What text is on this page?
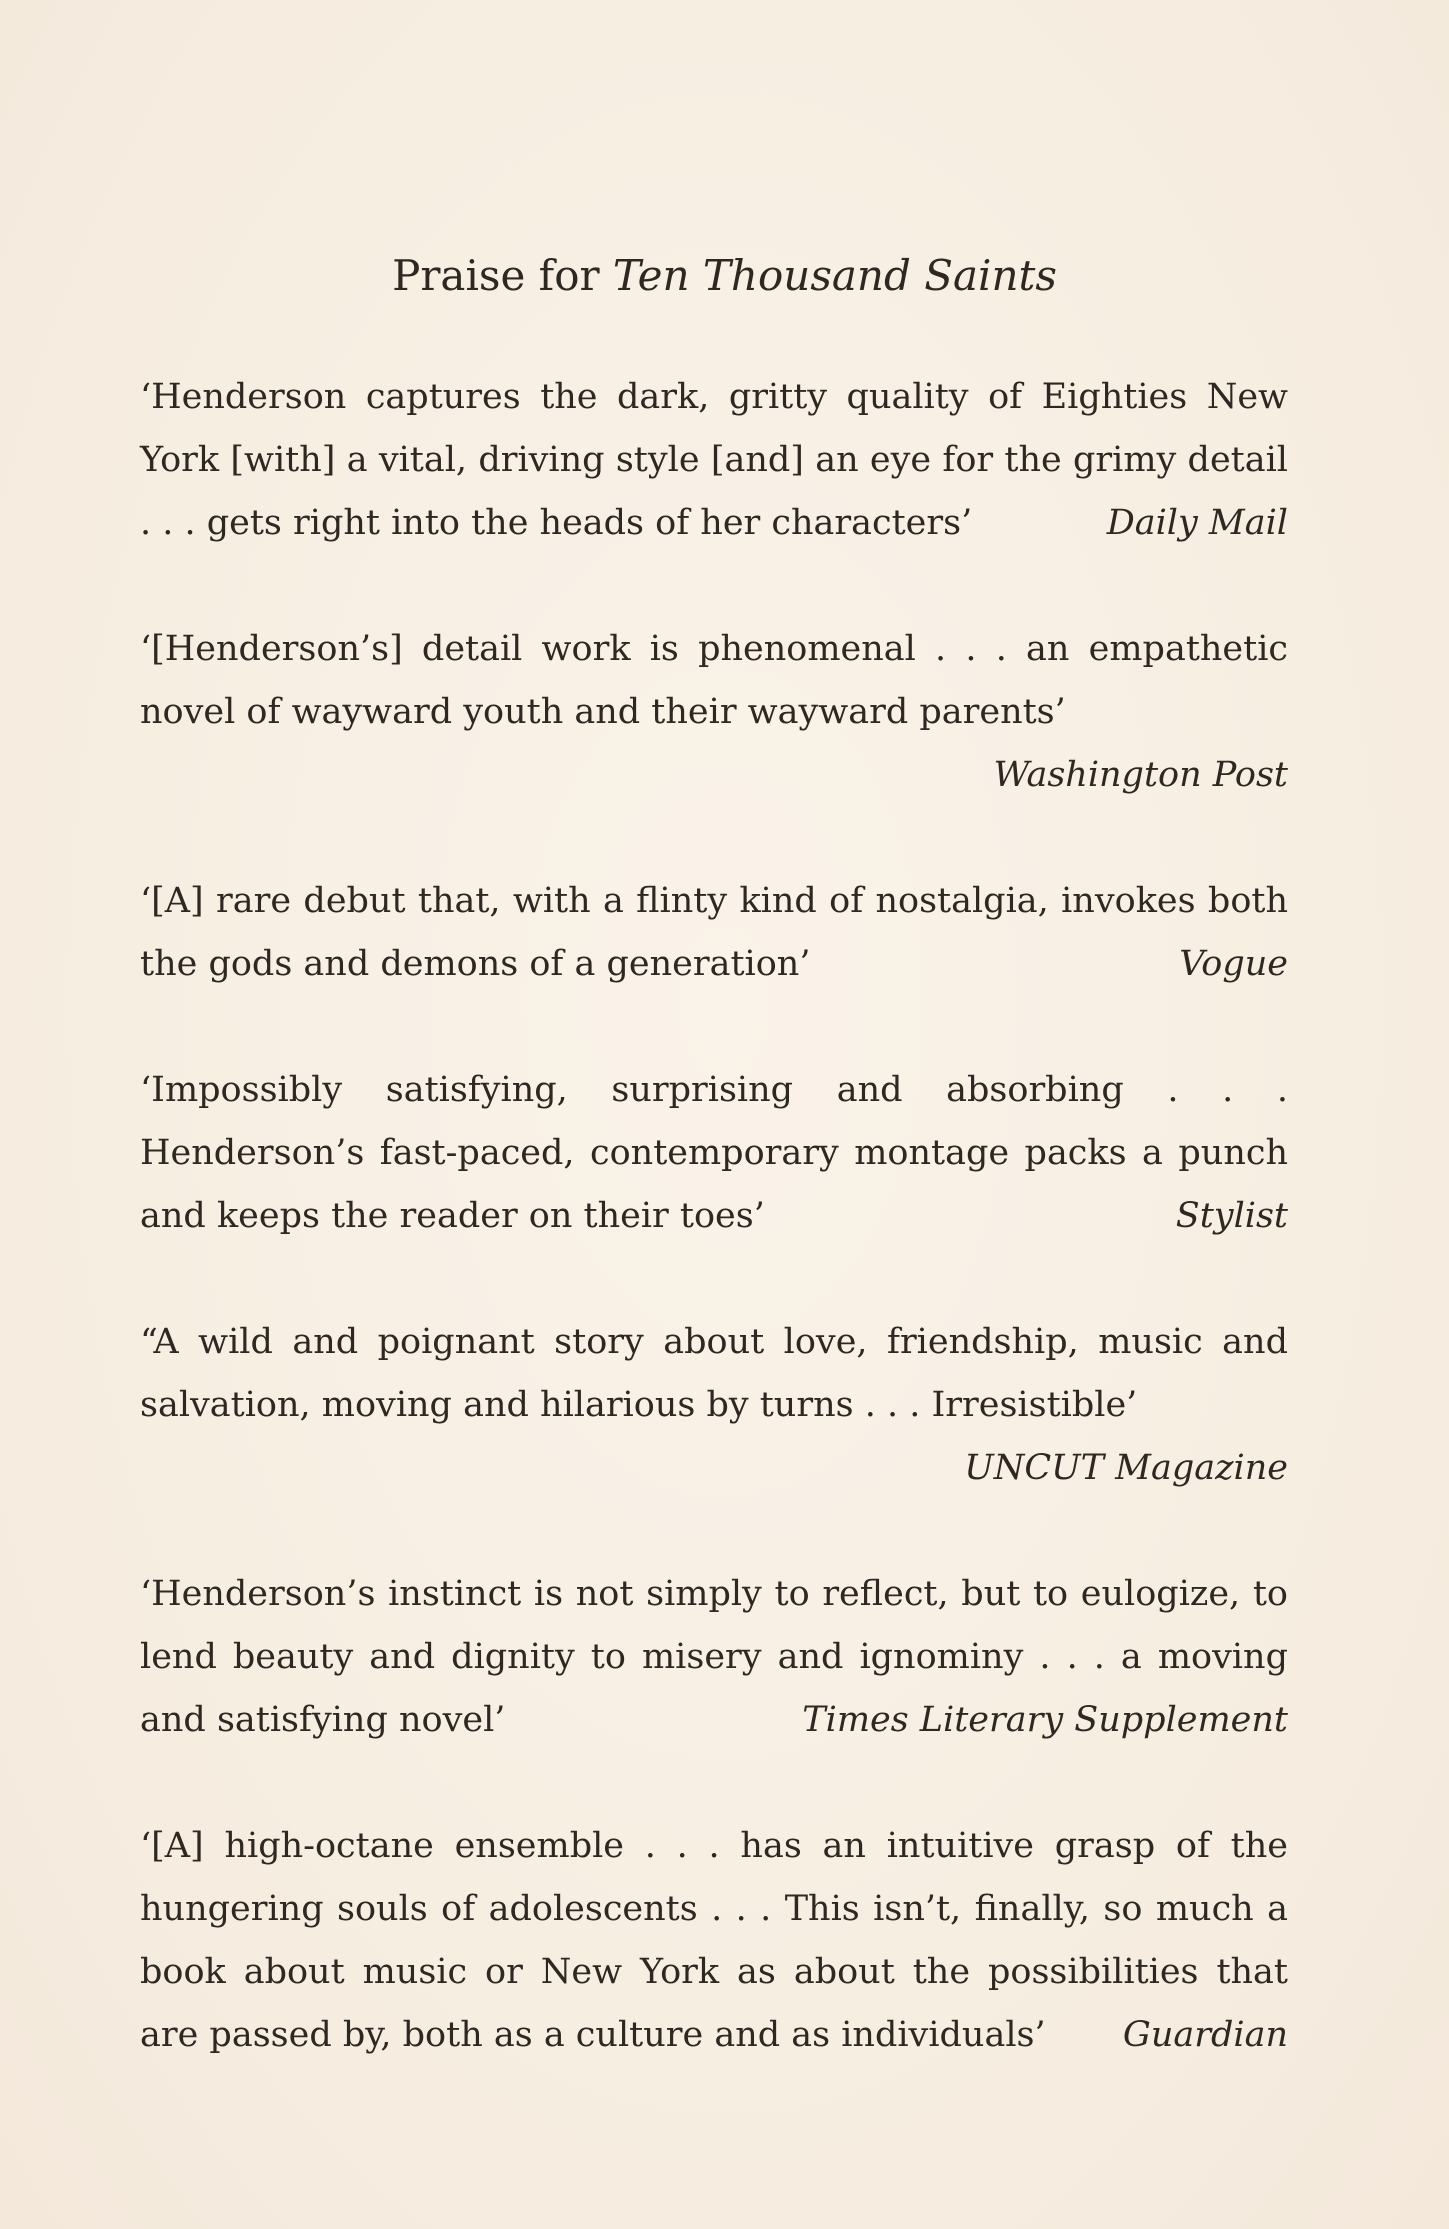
Praise for Ten Thousand Saints
‘Henderson captures the dark, gritty quality of Eighties New York [with] a vital, driving style [and] an eye for the grimy detail . . . gets right into the heads of her characters’	Daily Mail
‘[Henderson’s] detail work is phenomenal . . . an empathetic novel of wayward youth and their wayward parents’
Washington Post
‘[A] rare debut that, with a flinty kind of nostalgia, invokes both the gods and demons of a generation’	Vogue
‘Impossibly satisfying, surprising and absorbing . . . Henderson’s fast-paced, contemporary montage packs a punch and keeps the reader on their toes’	Stylist
“A wild and poignant story about love, friendship, music and salvation, moving and hilarious by turns . . . Irresistible’
UNCUT Magazine
‘Henderson’s instinct is not simply to reflect, but to eulogize, to lend beauty and dignity to misery and ignominy . . . a moving and satisfying novel’	Times Literary Supplement
‘[A] high-octane ensemble . . . has an intuitive grasp of the hungering souls of adolescents . . . This isn’t, finally, so much a book about music or New York as about the possibilities that are passed by, both as a culture and as individuals’ Guardian
